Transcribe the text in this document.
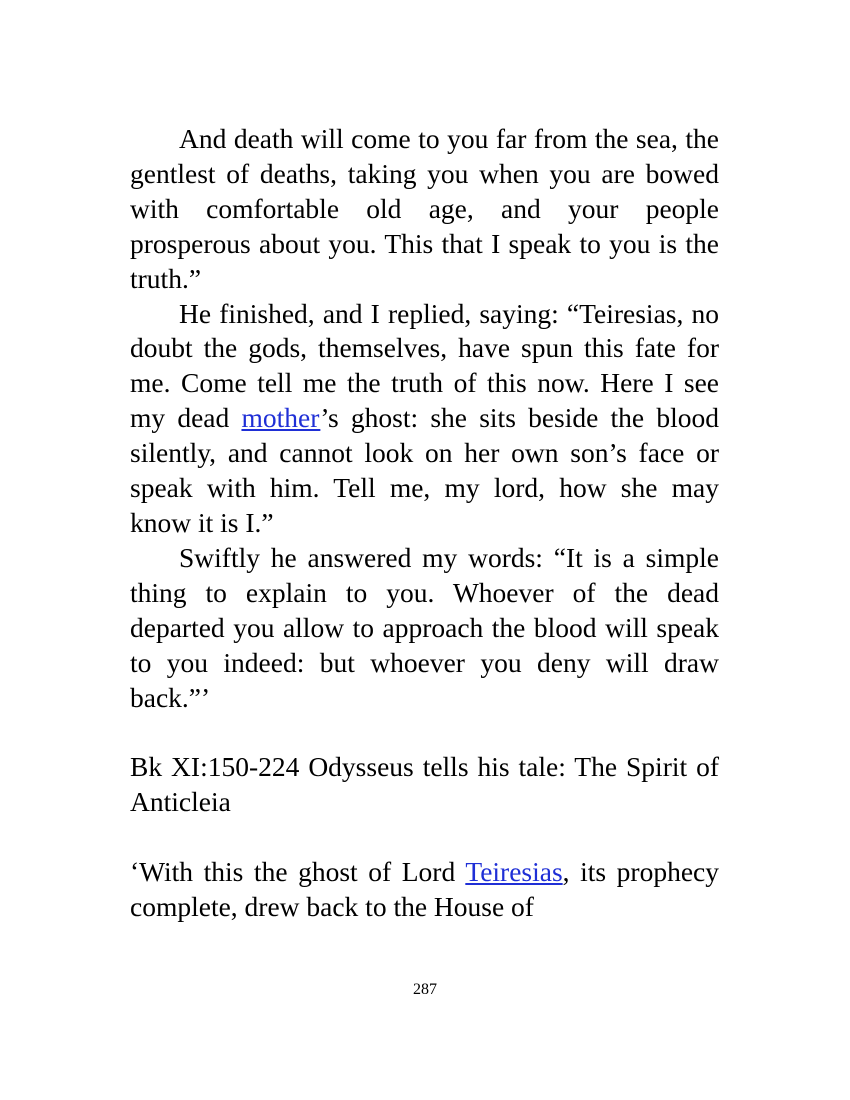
And death will come to you far from the sea, the gentlest of deaths, taking you when you are bowed with comfortable old age, and your people prosperous about you. This that I speak to you is the truth.”

He finished, and I replied, saying: “Teiresias, no doubt the gods, themselves, have spun this fate for me. Come tell me the truth of this now. Here I see my dead mother’s ghost: she sits beside the blood silently, and cannot look on her own son’s face or speak with him. Tell me, my lord, how she may know it is I.”

Swiftly he answered my words: “It is a simple thing to explain to you. Whoever of the dead departed you allow to approach the blood will speak to you indeed: but whoever you deny will draw back.”’

Bk XI:150-224 Odysseus tells his tale: The Spirit of Anticleia

‘With this the ghost of Lord Teiresias, its prophecy complete, drew back to the House of

287
